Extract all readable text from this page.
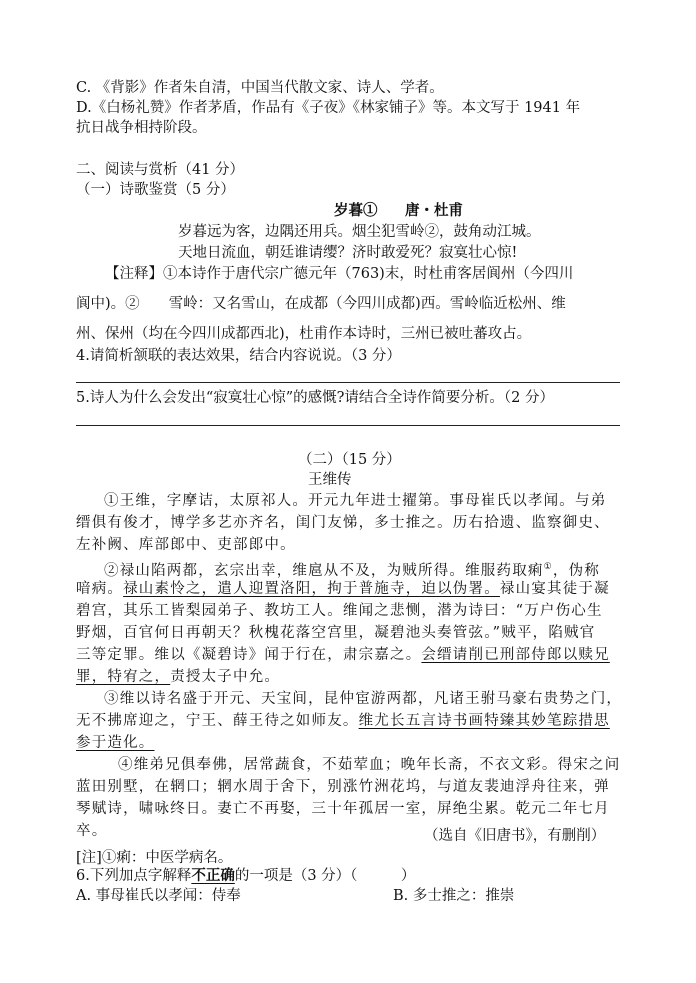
C. 《背影》作者朱自清，中国当代散文家、诗人、学者。
D.《白杨礼赞》作者茅盾，作品有《子夜》《林家铺子》等。本文写于 1941 年
抗日战争相持阶段。
二、阅读与赏析（41 分）
（一）诗歌鉴赏（5 分）
岁暮① 唐・杜甫
岁暮远为客，边隅还用兵。烟尘犯雪岭②，鼓角动江城。
天地日流血，朝廷谁请缨？济时敢爱死？寂寞壮心惊!
【注释】①本诗作于唐代宗广德元年（763)末，时杜甫客居阆州（今四川
阆中)。②　　雪岭：又名雪山，在成都（今四川成都)西。雪岭临近松州、维
州、保州（均在今四川成都西北)，杜甫作本诗时，三州已被吐蕃攻占。
4.请简析颔联的表达效果，结合内容说说。（3 分）
5.诗人为什么会发出“寂寞壮心惊”的感慨?请结合全诗作简要分析。（2 分）
（二）（15 分）
王维传
①王维，字摩诘，太原祁人。开元九年进士擢第。事母崔氏以孝闻。与弟
缙俱有俊才，博学多艺亦齐名，闺门友悌，多士推之。历右拾遗、监察御史、
左补阙、库部郎中、吏部郎中。
②禄山陷两都，玄宗出幸，维扈从不及，为贼所得。维服药取痢①，伪称
喑病。禄山素怜之，遣人迎置洛阳，拘于普施寺，迫以伪署。禄山宴其徒于凝
碧宫，其乐工皆梨园弟子、教坊工人。维闻之悲恻，潜为诗曰：“万户伤心生
野烟，百官何日再朝天？秋槐花落空宫里，凝碧池头奏管弦。”贼平，陷贼官
三等定罪。维以《凝碧诗》闻于行在，肃宗嘉之。会缙请削已刑部侍郎以赎兄
罪，特宥之，责授太子中允。
③维以诗名盛于开元、天宝间，昆仲宦游两都，凡诸王驸马豪右贵势之门，
无不拂席迎之，宁王、薛王待之如师友。维尤长五言诗书画特臻其妙笔踪措思
参于造化。
④维弟兄俱奉佛，居常蔬食，不茹荤血；晚年长斋，不衣文彩。得宋之问
蓝田别墅，在辋口；辋水周于舍下，别涨竹洲花坞，与道友裴迪浮舟往来，弹
琴赋诗，啸咏终日。妻亡不再娶，三十年孤居一室，屏绝尘累。乾元二年七月
卒。	（选自《旧唐书》，有删削）
[注]①痢：中医学病名。
6.下列加点字解释不正确的一项是（3 分）（　　　）
A. 事母崔氏以孝闻：侍奉	B. 多士推之：推崇
